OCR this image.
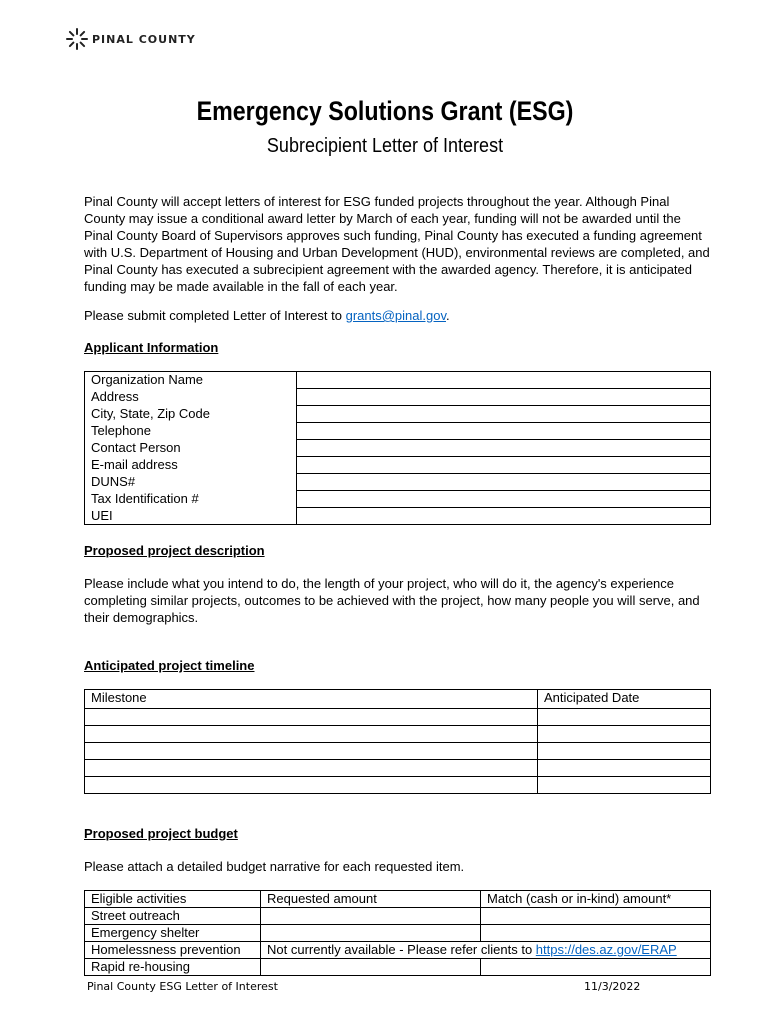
PINAL COUNTY
Emergency Solutions Grant (ESG)
Subrecipient Letter of Interest
Pinal County will accept letters of interest for ESG funded projects throughout the year. Although Pinal County may issue a conditional award letter by March of each year, funding will not be awarded until the Pinal County Board of Supervisors approves such funding, Pinal County has executed a funding agreement with U.S. Department of Housing and Urban Development (HUD), environmental reviews are completed, and Pinal County has executed a subrecipient agreement with the awarded agency. Therefore, it is anticipated funding may be made available in the fall of each year.
Please submit completed Letter of Interest to grants@pinal.gov.
Applicant Information
Organization Name	
Address	
City, State, Zip Code	
Telephone	
Contact Person	
E-mail address	
DUNS#	
Tax Identification #	
UEI	
Proposed project description
Please include what you intend to do, the length of your project, who will do it, the agency's experience completing similar projects, outcomes to be achieved with the project, how many people you will serve, and their demographics.
Anticipated project timeline
Milestone	Anticipated Date

Proposed project budget
Please attach a detailed budget narrative for each requested item.
Eligible activities	Requested amount	Match (cash or in-kind) amount*
Street outreach		
Emergency shelter		
Homelessness prevention	Not currently available - Please refer clients to https://des.az.gov/ERAP	
Rapid re-housing		
Pinal County ESG Letter of Interest	11/3/2022
